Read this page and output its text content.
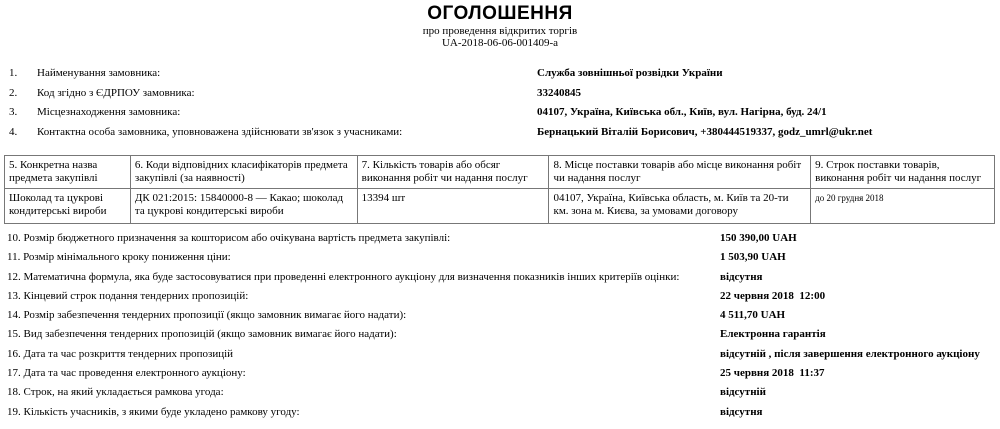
ОГОЛОШЕННЯ
про проведення відкритих торгів
UA-2018-06-06-001409-a
1. Найменування замовника:	Служба зовнішньої розвідки України
2. Код згідно з ЄДРПОУ замовника:	33240845
3. Місцезнаходження замовника:	04107, Україна, Київська обл., Київ, вул. Нагірна, буд. 24/1
4. Контактна особа замовника, уповноважена здійснювати зв'язок з учасниками:	Бернацький Віталій Борисович, +380444519337, godz_umrl@ukr.net
5. Конкретна назва предмета закупівлі	6. Коди відповідних класифікаторів предмета закупівлі (за наявності)	7. Кількість товарів або обсяг виконання робіт чи надання послуг	8. Місце поставки товарів або місце виконання робіт чи надання послуг	9. Строк поставки товарів, виконання робіт чи надання послуг
Шоколад та цукрові кондитерські вироби	ДК 021:2015: 15840000-8 — Какао; шоколад та цукрові кондитерські вироби	13394 шт	04107, Україна, Київська область, м. Київ та 20-ти км. зона м. Києва, за умовами договору	до 20 грудня 2018
10. Розмір бюджетного призначення за кошторисом або очікувана вартість предмета закупівлі:	150 390,00 UAH
11. Розмір мінімального кроку пониження ціни:	1 503,90 UAH
12. Математична формула, яка буде застосовуватися при проведенні електронного аукціону для визначення показників інших критеріїв оцінки:	відсутня
13. Кінцевий строк подання тендерних пропозицій:	22 червня 2018  12:00
14. Розмір забезпечення тендерних пропозиції (якщо замовник вимагає його надати):	4 511,70 UAH
15. Вид забезпечення тендерних пропозицій (якщо замовник вимагає його надати):	Електронна гарантія
16. Дата та час розкриття тендерних пропозицій	відсутній , після завершення електронного аукціону
17. Дата та час проведення електронного аукціону:	25 червня 2018  11:37
18. Строк, на який укладається рамкова угода:	відсутній
19. Кількість учасників, з якими буде укладено рамкову угоду:	відсутня
